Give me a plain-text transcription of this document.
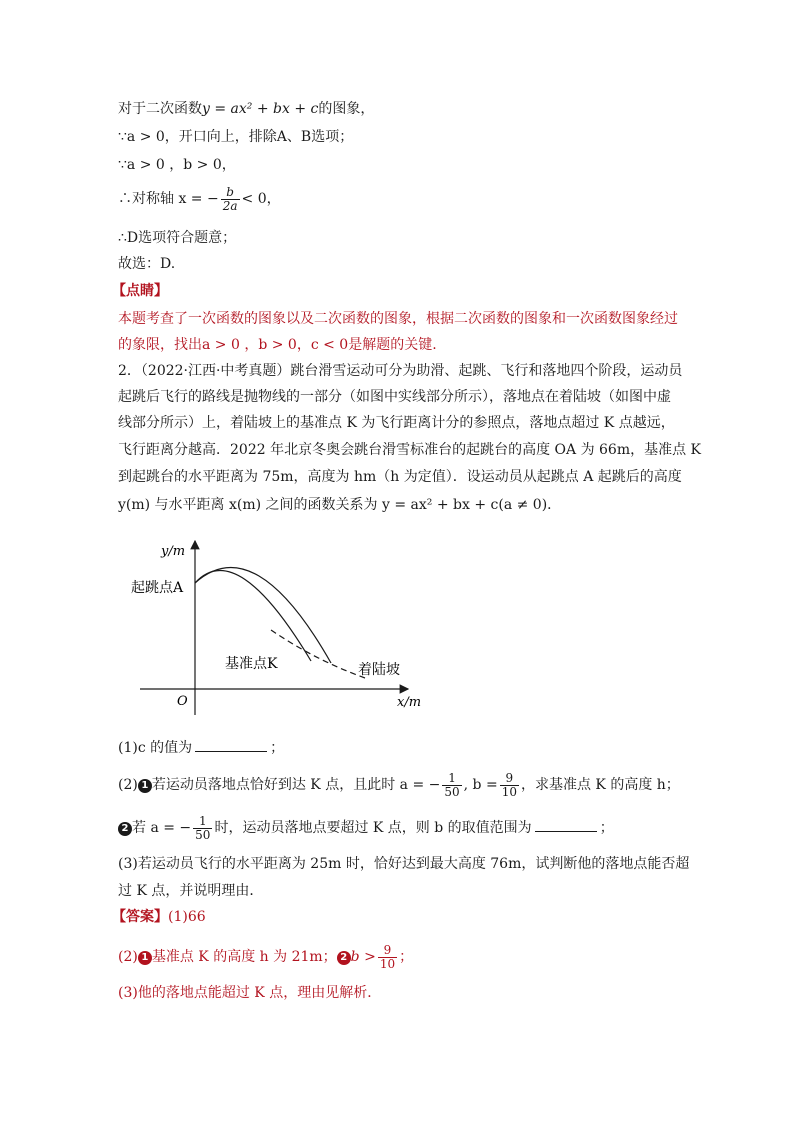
对于二次函数y = ax² + bx + c的图象，
∵a > 0，开口向上，排除A、B选项；
∵a > 0 ，b > 0，
∴对称轴 x = − $\frac{b}{2a} < 0$，
∴D选项符合题意；
故选：D.
【点睛】
本题考查了一次函数的图象以及二次函数的图象，根据二次函数的图象和一次函数图象经过
的象限，找出a > 0 ，b > 0，c < 0是解题的关键.
2．（2022·江西·中考真题）跳台滑雪运动可分为助滑、起跳、飞行和落地四个阶段，运动员
起跳后飞行的路线是抛物线的一部分（如图中实线部分所示），落地点在着陆坡（如图中虚
线部分所示）上，着陆坡上的基准点 K 为飞行距离计分的参照点，落地点超过 K 点越远，
飞行距离分越高．2022 年北京冬奥会跳台滑雪标准台的起跳台的高度 OA 为 66m，基准点 K
到起跳台的水平距离为 75m，高度为 hm（h 为定值）．设运动员从起跳点 A 起跳后的高度
y(m) 与水平距离 x(m) 之间的函数关系为 y = ax² + bx + c(a ≠ 0)．
y/m
x/m
O
起跳点A
基准点K	着陆坡
(1)c 的值为	；
(2) 1 若运动员落地点恰好到达 K 点，且此时 a = − $\frac{1}{50}$ , $b = \frac{9}{10}$ ，求基准点 K 的高度 h；
2 若 a = − $\frac{1}{50}$ 时，运动员落地点要超过 K 点，则 b 的取值范围为	；
(3)若运动员飞行的水平距离为 25m 时，恰好达到最大高度 76m，试判断他的落地点能否超
过 K 点，并说明理由．
【答案】(1)66
(2) 1 基准点 K 的高度 h 为 21m； 2 $b > \frac{9}{10}$ ；
(3)他的落地点能超过 K 点，理由见解析．
